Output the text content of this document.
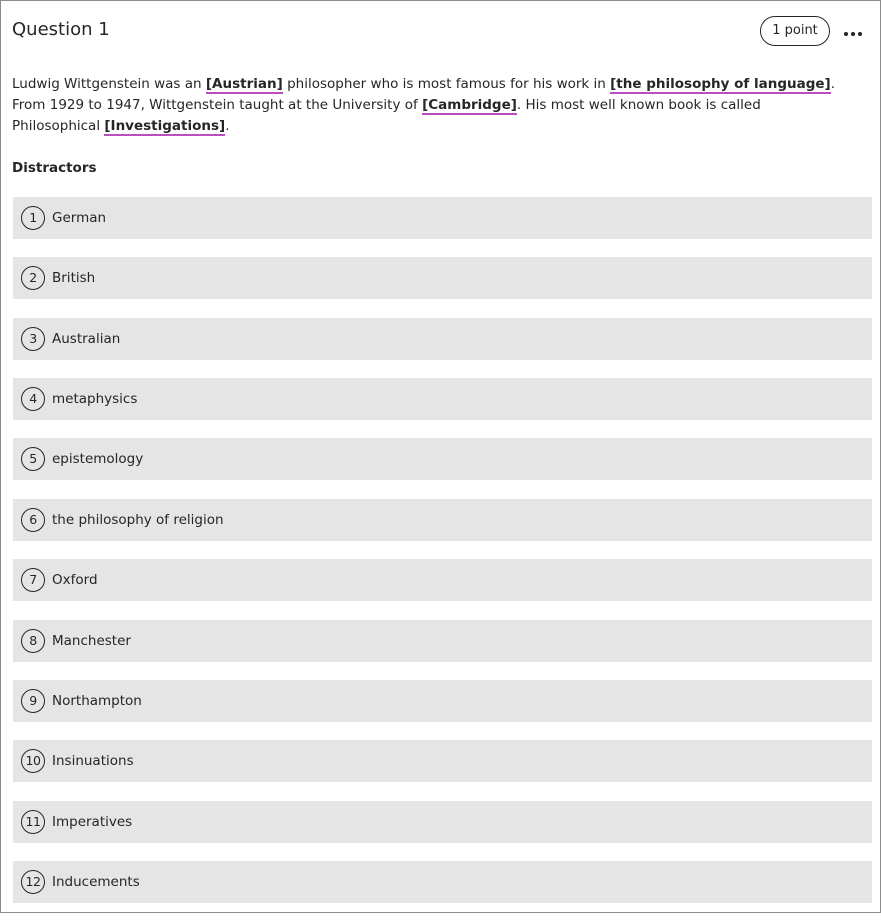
Question 1	1 point

Ludwig Wittgenstein was an [Austrian] philosopher who is most famous for his work in [the philosophy of language]. From 1929 to 1947, Wittgenstein taught at the University of [Cambridge]. His most well known book is called Philosophical [Investigations].

Distractors
1	German
2	British
3	Australian
4	metaphysics
5	epistemology
6	the philosophy of religion
7	Oxford
8	Manchester
9	Northampton
10 Insinuations
11 Imperatives
12 Inducements
